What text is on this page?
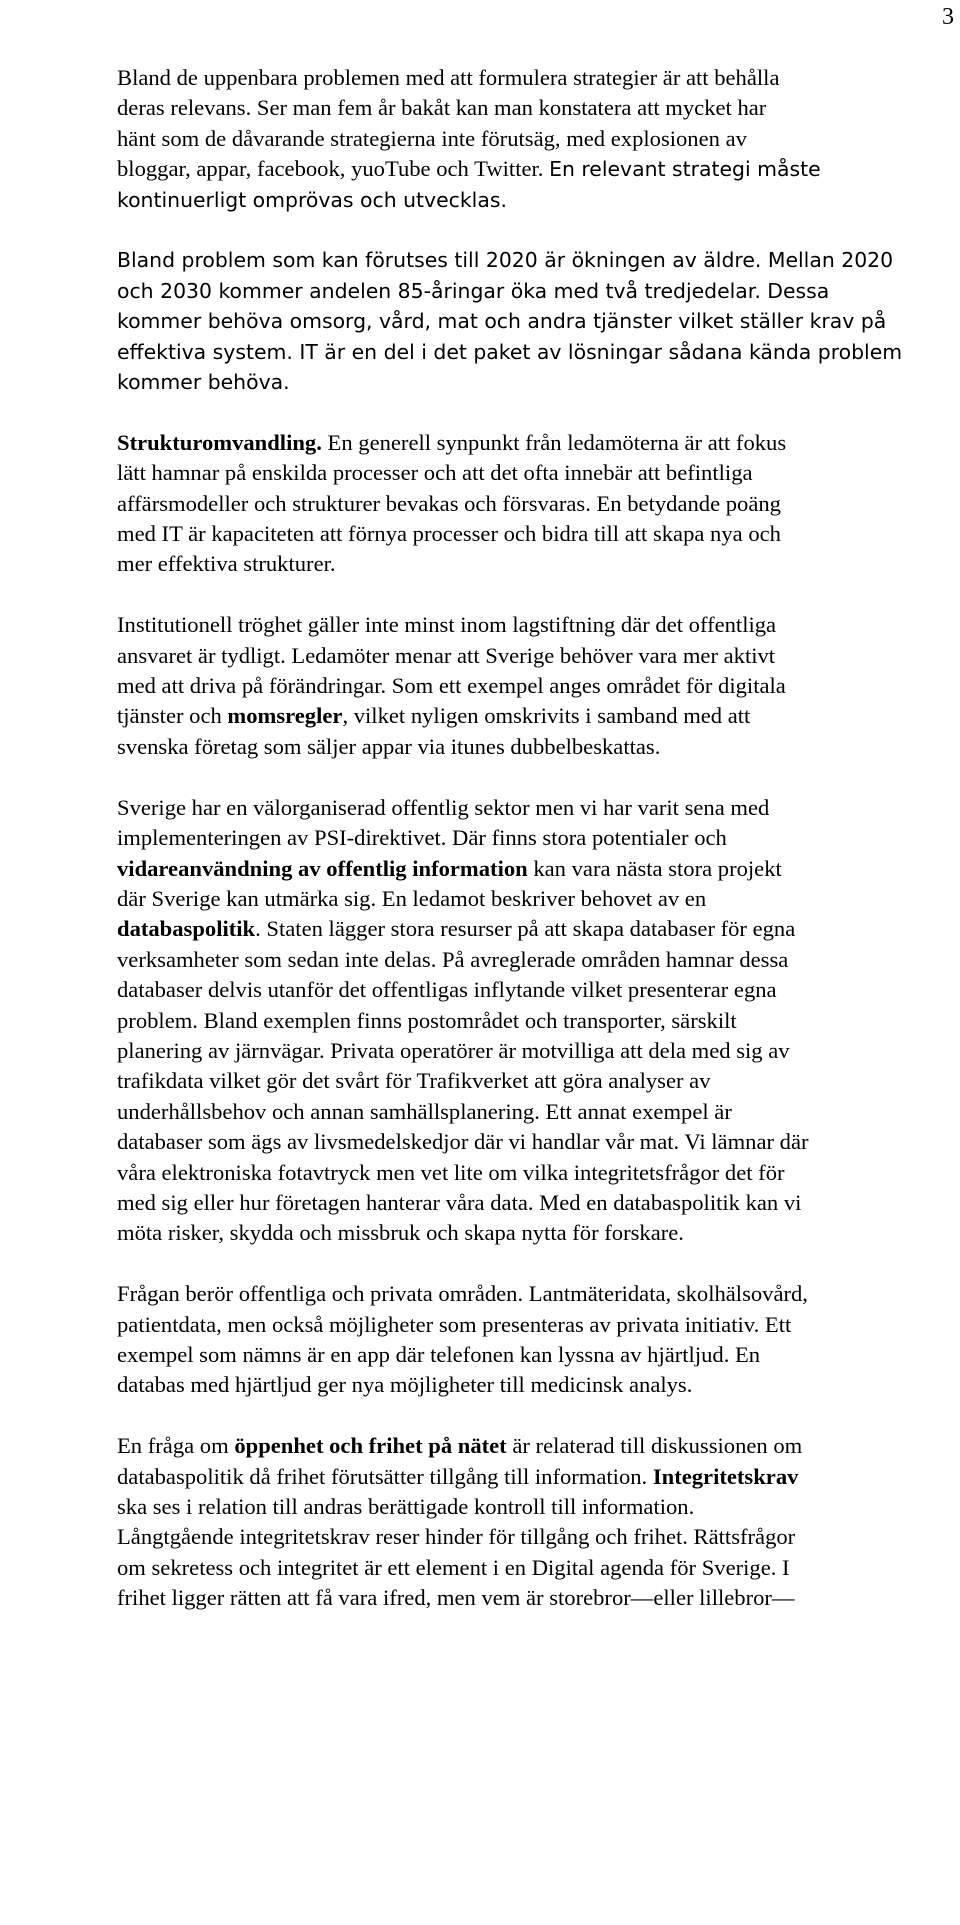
3

Bland de uppenbara problemen med att formulera strategier är att behålla
deras relevans. Ser man fem år bakåt kan man konstatera att mycket har
hänt som de dåvarande strategierna inte förutsäg, med explosionen av
bloggar, appar, facebook, yuoTube och Twitter. En relevant strategi måste
kontinuerligt omprövas och utvecklas.

Bland problem som kan förutses till 2020 är ökningen av äldre. Mellan 2020
och 2030 kommer andelen 85-åringar öka med två tredjedelar. Dessa
kommer behöva omsorg, vård, mat och andra tjänster vilket ställer krav på
effektiva system. IT är en del i det paket av lösningar sådana kända problem
kommer behöva.

Strukturomvandling. En generell synpunkt från ledamöterna är att fokus
lätt hamnar på enskilda processer och att det ofta innebär att befintliga
affärsmodeller och strukturer bevakas och försvaras. En betydande poäng
med IT är kapaciteten att förnya processer och bidra till att skapa nya och
mer effektiva strukturer.

Institutionell tröghet gäller inte minst inom lagstiftning där det offentliga
ansvaret är tydligt. Ledamöter menar att Sverige behöver vara mer aktivt
med att driva på förändringar. Som ett exempel anges området för digitala
tjänster och momsregler, vilket nyligen omskrivits i samband med att
svenska företag som säljer appar via itunes dubbelbeskattas.

Sverige har en välorganiserad offentlig sektor men vi har varit sena med
implementeringen av PSI-direktivet. Där finns stora potentialer och
vidareanvändning av offentlig information kan vara nästa stora projekt
där Sverige kan utmärka sig. En ledamot beskriver behovet av en
databaspolitik. Staten lägger stora resurser på att skapa databaser för egna
verksamheter som sedan inte delas. På avreglerade områden hamnar dessa
databaser delvis utanför det offentligas inflytande vilket presenterar egna
problem. Bland exemplen finns postområdet och transporter, särskilt
planering av järnvägar. Privata operatörer är motvilliga att dela med sig av
trafikdata vilket gör det svårt för Trafikverket att göra analyser av
underhållsbehov och annan samhällsplanering. Ett annat exempel är
databaser som ägs av livsmedelskedjor där vi handlar vår mat. Vi lämnar där
våra elektroniska fotavtryck men vet lite om vilka integritetsfrågor det för
med sig eller hur företagen hanterar våra data. Med en databaspolitik kan vi
möta risker, skydda och missbruk och skapa nytta för forskare.

Frågan berör offentliga och privata områden. Lantmäteridata, skolhälsovård,
patientdata, men också möjligheter som presenteras av privata initiativ. Ett
exempel som nämns är en app där telefonen kan lyssna av hjärtljud. En
databas med hjärtljud ger nya möjligheter till medicinsk analys.

En fråga om öppenhet och frihet på nätet är relaterad till diskussionen om
databaspolitik då frihet förutsätter tillgång till information. Integritetskrav
ska ses i relation till andras berättigade kontroll till information.
Långtgående integritetskrav reser hinder för tillgång och frihet. Rättsfrågor
om sekretess och integritet är ett element i en Digital agenda för Sverige. I
frihet ligger rätten att få vara ifred, men vem är storebror—eller lillebror—
